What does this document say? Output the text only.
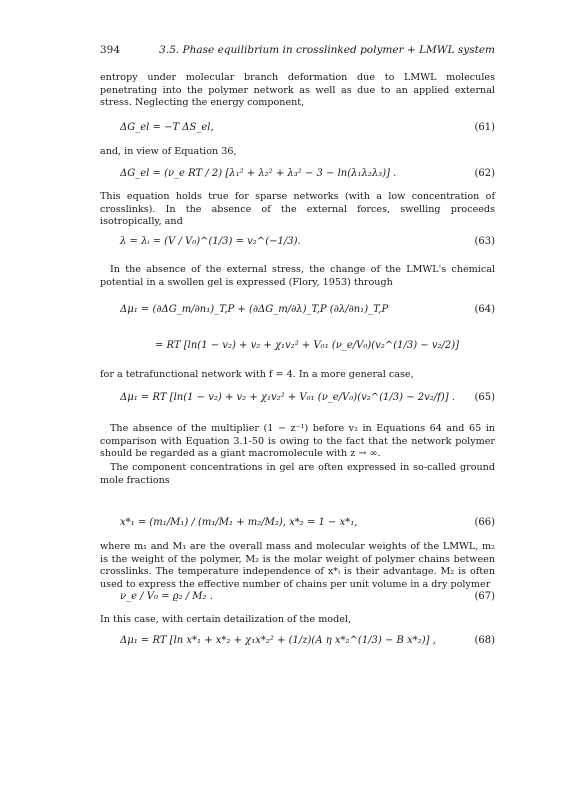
394	3.5. Phase equilibrium in crosslinked polymer + LMWL system
entropy under molecular branch deformation due to LMWL molecules penetrating into the polymer network as well as due to an applied external stress. Neglecting the energy component,
ΔG_el = −T ΔS_el,	(61)
and, in view of Equation 36,
ΔG_el = (ν_e RT / 2) [λ₁² + λ₂² + λ₃² − 3 − ln(λ₁λ₂λ₃)] .	(62)
This equation holds true for sparse networks (with a low concentration of crosslinks). In the absence of the external forces, swelling proceeds isotropically, and
λ = λᵢ = (V / V₀)^(1/3) = v₂^(−1/3).	(63)
In the absence of the external stress, the change of the LMWL's chemical potential in a swollen gel is expressed (Flory, 1953) through
Δμ₁ = (∂ΔG_m/∂n₁)_T,P + (∂ΔG_m/∂λ)_T,P (∂λ/∂n₁)_T,P	(64)
= RT [ln(1 − v₂) + v₂ + χ₁v₂² + V₀₁ (ν_e/V₀)(v₂^(1/3) − v₂/2)]
for a tetrafunctional network with f = 4. In a more general case,
Δμ₁ = RT [ln(1 − v₂) + v₂ + χ₁v₂² + V₀₁ (ν_e/V₀)(v₂^(1/3) − 2v₂/f)] . (65)
The absence of the multiplier (1 − z⁻¹) before v₂ in Equations 64 and 65 in comparison with Equation 3.1-50 is owing to the fact that the network polymer should be regarded as a giant macromolecule with z → ∞.
The component concentrations in gel are often expressed in so-called ground mole fractions
x*₁ = (m₁/M₁) / (m₁/M₁ + m₂/M₂), x*₂ = 1 − x*₁,	(66)
where m₁ and M₁ are the overall mass and molecular weights of the LMWL, m₂ is the weight of the polymer, M₂ is the molar weight of polymer chains between crosslinks. The temperature independence of x*ᵢ is their advantage. M₂ is often used to express the effective number of chains per unit volume in a dry polymer
ν_e / V₀ = ϱ₂ / M₂ .	(67)
In this case, with certain detailization of the model,
Δμ₁ = RT [ln x*₁ + x*₂ + χ₁x*₂² + (1/z)(A η x*₂^(1/3) − B x*₂)] ,	(68)
